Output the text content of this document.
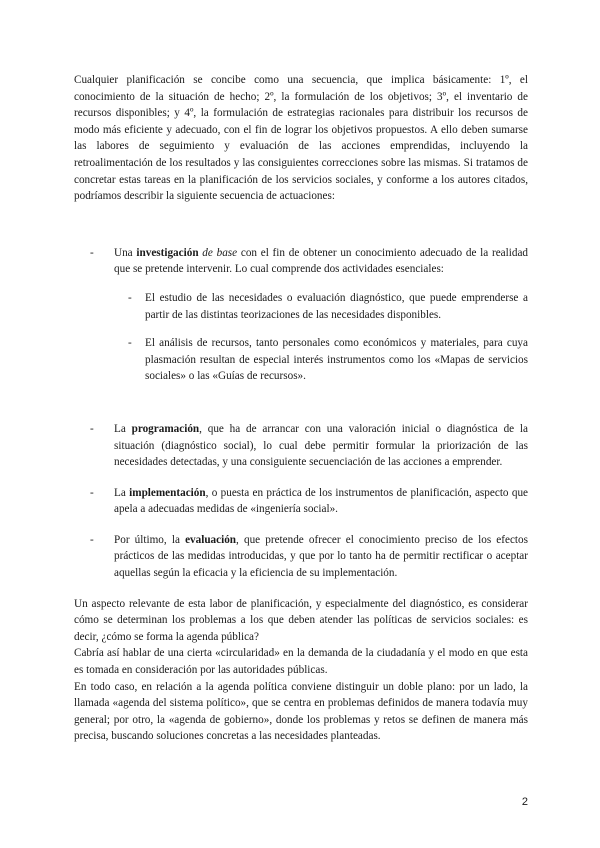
Cualquier planificación se concibe como una secuencia, que implica básicamente: 1º, el conocimiento de la situación de hecho; 2º, la formulación de los objetivos; 3º, el inventario de recursos disponibles; y 4º, la formulación de estrategias racionales para distribuir los recursos de modo más eficiente y adecuado, con el fin de lograr los objetivos propuestos. A ello deben sumarse las labores de seguimiento y evaluación de las acciones emprendidas, incluyendo la retroalimentación de los resultados y las consiguientes correcciones sobre las mismas. Si tratamos de concretar estas tareas en la planificación de los servicios sociales, y conforme a los autores citados, podríamos describir la siguiente secuencia de actuaciones:

- Una investigación de base con el fin de obtener un conocimiento adecuado de la realidad que se pretende intervenir. Lo cual comprende dos actividades esenciales:
- El estudio de las necesidades o evaluación diagnóstico, que puede emprenderse a partir de las distintas teorizaciones de las necesidades disponibles.
- El análisis de recursos, tanto personales como económicos y materiales, para cuya plasmación resultan de especial interés instrumentos como los «Mapas de servicios sociales» o las «Guías de recursos».
- La programación, que ha de arrancar con una valoración inicial o diagnóstica de la situación (diagnóstico social), lo cual debe permitir formular la priorización de las necesidades detectadas, y una consiguiente secuenciación de las acciones a emprender.
- La implementación, o puesta en práctica de los instrumentos de planificación, aspecto que apela a adecuadas medidas de «ingeniería social».
- Por último, la evaluación, que pretende ofrecer el conocimiento preciso de los efectos prácticos de las medidas introducidas, y que por lo tanto ha de permitir rectificar o aceptar aquellas según la eficacia y la eficiencia de su implementación.

Un aspecto relevante de esta labor de planificación, y especialmente del diagnóstico, es considerar cómo se determinan los problemas a los que deben atender las políticas de servicios sociales: es decir, ¿cómo se forma la agenda pública?

Cabría así hablar de una cierta «circularidad» en la demanda de la ciudadanía y el modo en que esta es tomada en consideración por las autoridades públicas.

En todo caso, en relación a la agenda política conviene distinguir un doble plano: por un lado, la llamada «agenda del sistema político», que se centra en problemas definidos de manera todavía muy general; por otro, la «agenda de gobierno», donde los problemas y retos se definen de manera más precisa, buscando soluciones concretas a las necesidades planteadas.

2
